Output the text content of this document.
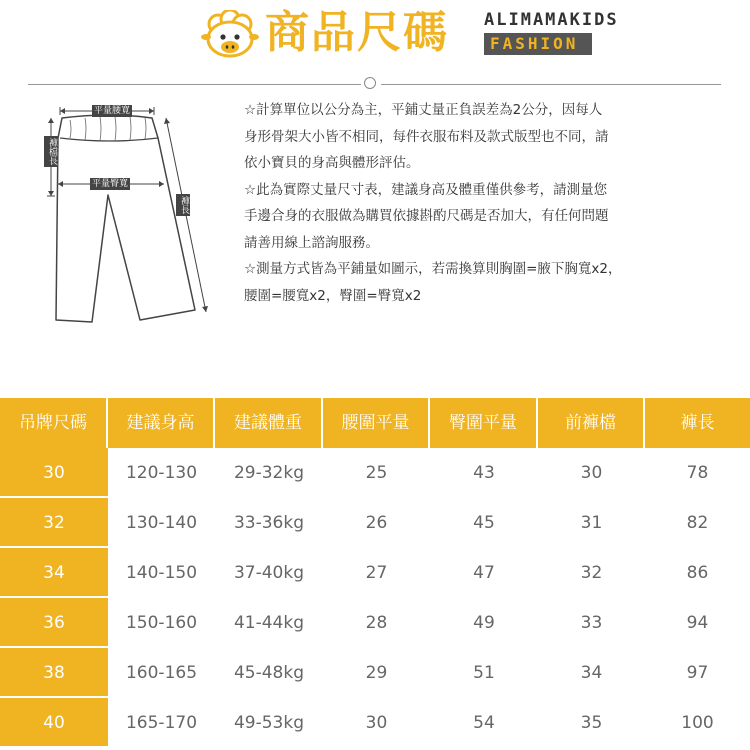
商品尺碼 ALIMAMAKIDS
FASHION
平量腰寬
褲檔長
平量臀寬
褲長

☆計算單位以公分為主，平鋪丈量正負誤差為2公分，因每人

身形骨架大小皆不相同，每件衣服布料及款式版型也不同，請

依小寶貝的身高與體形評估。

☆此為實際丈量尺寸表，建議身高及體重僅供參考，請測量您

手邊合身的衣服做為購買依據斟酌尺碼是否加大，有任何問題

請善用線上諮詢服務。

☆測量方式皆為平鋪量如圖示，若需換算則胸圍=腋下胸寬x2，

腰圍=腰寬x2，臀圍=臀寬x2

吊牌尺碼	建議身高	建議體重	腰圍平量	臀圍平量	前褲檔	褲長
30	120-130	29-32kg	25	43	30	78
32	130-140	33-36kg	26	45	31	82
34	140-150	37-40kg	27	47	32	86
36	150-160	41-44kg	28	49	33	94
38	160-165	45-48kg	29	51	34	97
40	165-170	49-53kg	30	54	35	100
